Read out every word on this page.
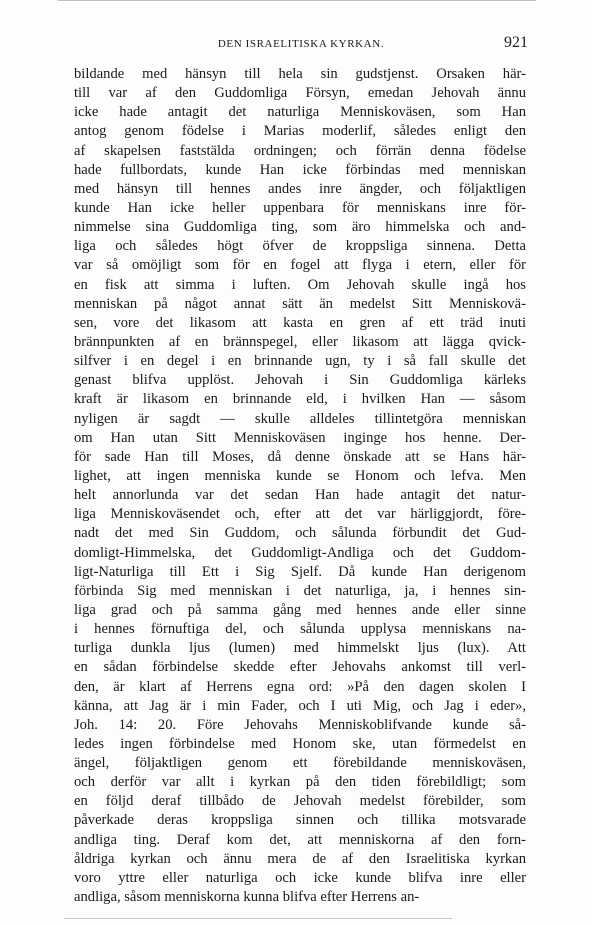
DEN ISRAELITISKA KYRKAN.	921
bildande med hänsyn till hela sin gudstjenst. Orsaken här-
till var af den Guddomliga Försyn, emedan Jehovah ännu
icke hade antagit det naturliga Menniskoväsen, som Han
antog genom födelse i Marias moderlif, således enligt den
af skapelsen faststälda ordningen; och förrän denna födelse
hade fullbordats, kunde Han icke förbindas med menniskan
med hänsyn till hennes andes inre ängder, och följaktligen
kunde Han icke heller uppenbara för menniskans inre för-
nimmelse sina Guddomliga ting, som äro himmelska och and-
liga och således högt öfver de kroppsliga sinnena. Detta
var så omöjligt som för en fogel att flyga i etern, eller för
en fisk att simma i luften. Om Jehovah skulle ingå hos
menniskan på något annat sätt än medelst Sitt Menniskovä-
sen, vore det likasom att kasta en gren af ett träd inuti
brännpunkten af en brännspegel, eller likasom att lägga qvick-
silfver i en degel i en brinnande ugn, ty i så fall skulle det
genast blifva upplöst. Jehovah i Sin Guddomliga kärleks
kraft är likasom en brinnande eld, i hvilken Han — såsom
nyligen är sagdt — skulle alldeles tillintetgöra menniskan
om Han utan Sitt Menniskoväsen inginge hos henne. Der-
för sade Han till Moses, då denne önskade att se Hans här-
lighet, att ingen menniska kunde se Honom och lefva. Men
helt annorlunda var det sedan Han hade antagit det natur-
liga Menniskoväsendet och, efter att det var härliggjordt, före-
nadt det med Sin Guddom, och sålunda förbundit det Gud-
domligt-Himmelska, det Guddomligt-Andliga och det Guddom-
ligt-Naturliga till Ett i Sig Sjelf. Då kunde Han derigenom
förbinda Sig med menniskan i det naturliga, ja, i hennes sin-
liga grad och på samma gång med hennes ande eller sinne
i hennes förnuftiga del, och sålunda upplysa menniskans na-
turliga dunkla ljus (lumen) med himmelskt ljus (lux). Att
en sådan förbindelse skedde efter Jehovahs ankomst till verl-
den, är klart af Herrens egna ord: »På den dagen skolen I
känna, att Jag är i min Fader, och I uti Mig, och Jag i eder»,
Joh. 14: 20. Före Jehovahs Menniskoblifvande kunde så-
ledes ingen förbindelse med Honom ske, utan förmedelst en
ängel, följaktligen genom ett förebildande menniskoväsen,
och derför var allt i kyrkan på den tiden förebildligt; som
en följd deraf tillbådo de Jehovah medelst förebilder, som
påverkade deras kroppsliga sinnen och tillika motsvarade
andliga ting. Deraf kom det, att menniskorna af den forn-
åldriga kyrkan och ännu mera de af den Israelitiska kyrkan
voro yttre eller naturliga och icke kunde blifva inre eller
andliga, såsom menniskorna kunna blifva efter Herrens an-
